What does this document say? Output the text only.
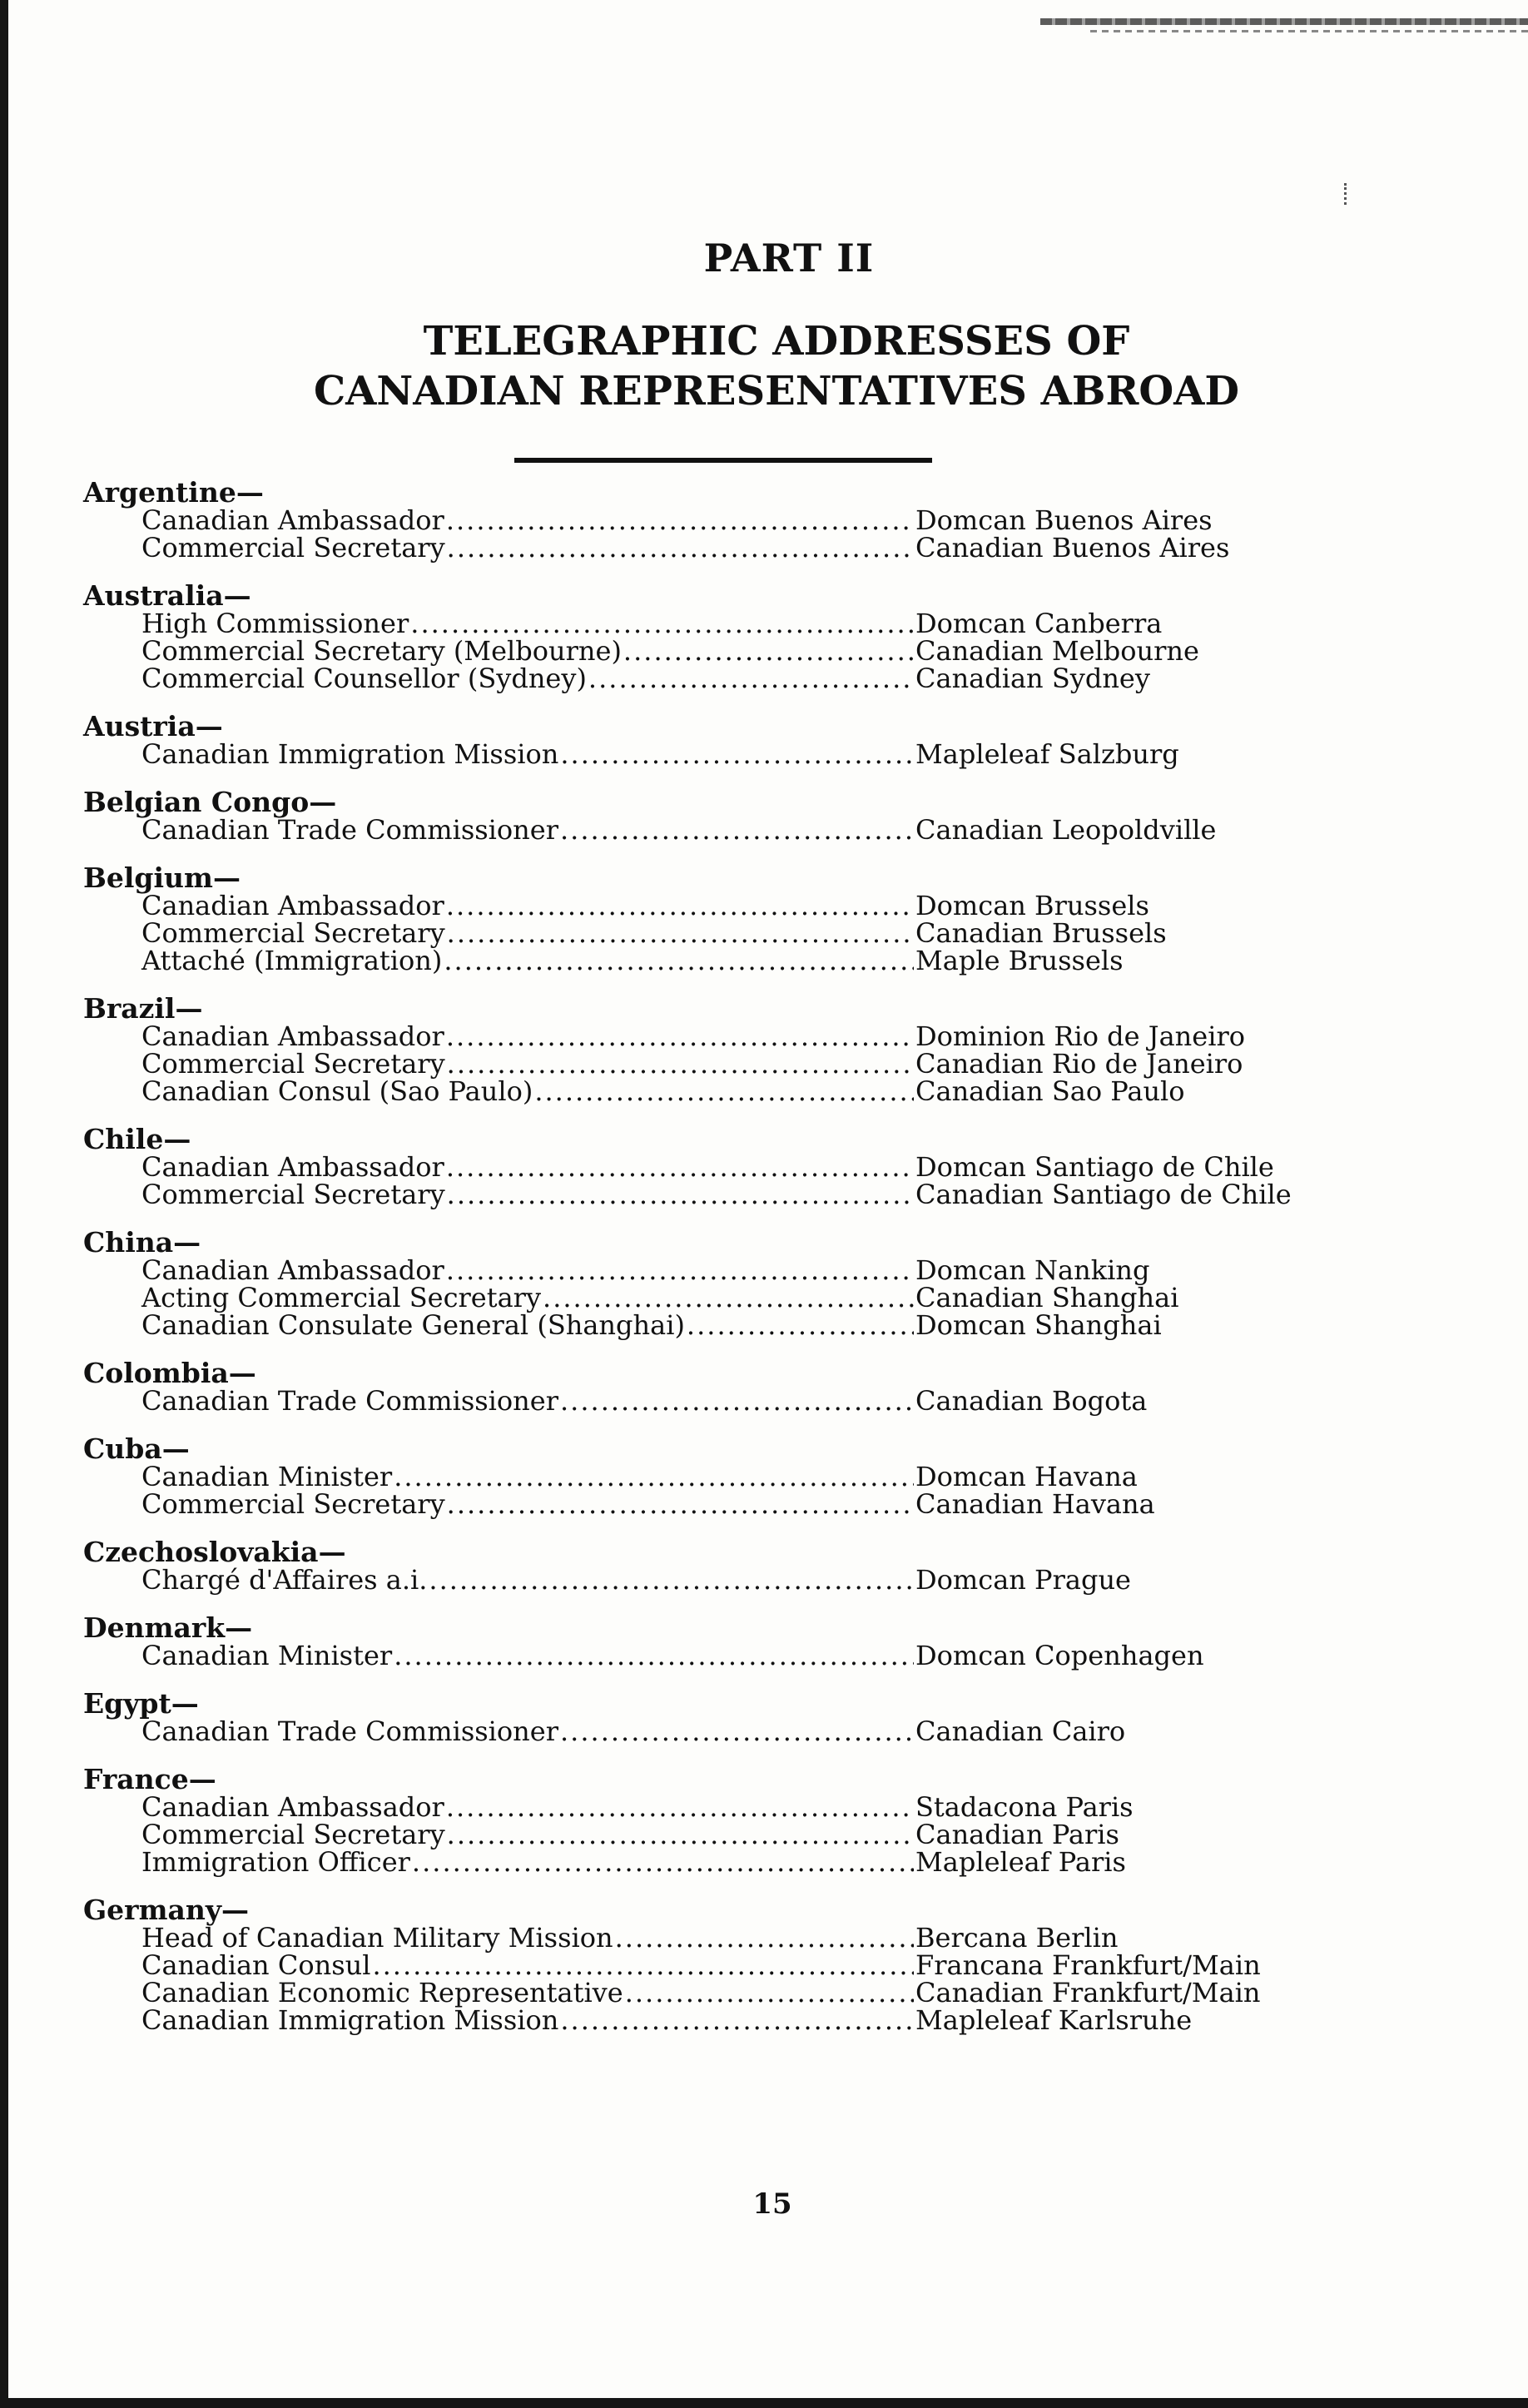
PART II

TELEGRAPHIC ADDRESSES OF

CANADIAN REPRESENTATIVES ABROAD

Argentine—
Canadian Ambassador .....	Domcan Buenos Aires
Commercial Secretary .....	Canadian Buenos Aires
Australia—
High Commissioner .....	Domcan Canberra
Commercial Secretary (Melbourne) .....	Canadian Melbourne
Commercial Counsellor (Sydney) .....	Canadian Sydney
Austria—
Canadian Immigration Mission .....	Mapleleaf Salzburg
Belgian Congo—
Canadian Trade Commissioner .....	Canadian Leopoldville
Belgium—
Canadian Ambassador .....	Domcan Brussels
Commercial Secretary .....	Canadian Brussels
Attaché (Immigration) .....	Maple Brussels
Brazil—
Canadian Ambassador .....	Dominion Rio de Janeiro
Commercial Secretary .....	Canadian Rio de Janeiro
Canadian Consul (Sao Paulo) .....	Canadian Sao Paulo
Chile—
Canadian Ambassador .....	Domcan Santiago de Chile
Commercial Secretary .....	Canadian Santiago de Chile
China—
Canadian Ambassador .....	Domcan Nanking
Acting Commercial Secretary .....	Canadian Shanghai
Canadian Consulate General (Shanghai) .....	Domcan Shanghai
Colombia—
Canadian Trade Commissioner .....	Canadian Bogota
Cuba—
Canadian Minister .....	Domcan Havana
Commercial Secretary .....	Canadian Havana
Czechoslovakia—
Chargé d'Affaires a.i. .....	Domcan Prague
Denmark—
Canadian Minister .....	Domcan Copenhagen
Egypt—
Canadian Trade Commissioner .....	Canadian Cairo
France—
Canadian Ambassador .....	Stadacona Paris
Commercial Secretary .....	Canadian Paris
Immigration Officer .....	Mapleleaf Paris
Germany—
Head of Canadian Military Mission .....	Bercana Berlin
Canadian Consul .....	Francana Frankfurt/Main
Canadian Economic Representative .....	Canadian Frankfurt/Main
Canadian Immigration Mission .....	Mapleleaf Karlsruhe
15
